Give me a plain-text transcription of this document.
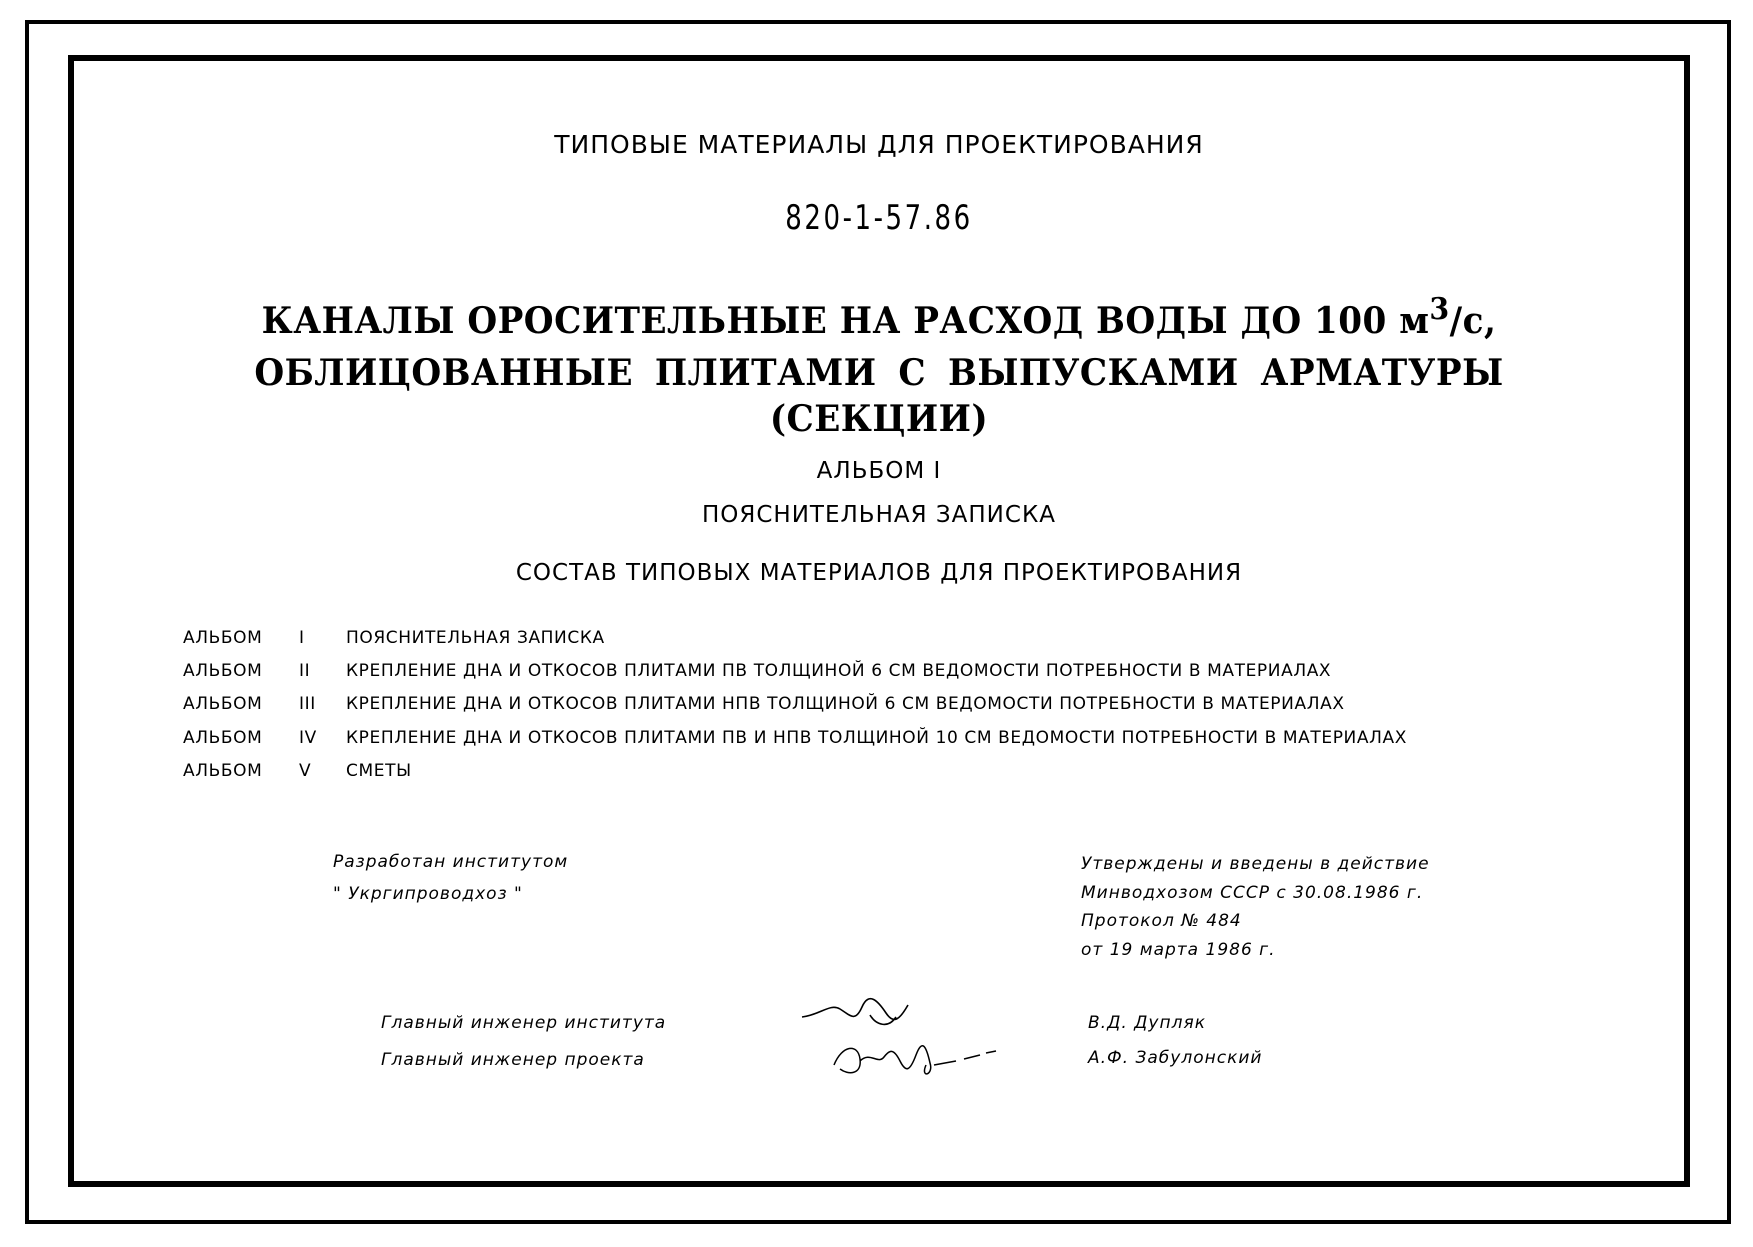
ТИПОВЫЕ МАТЕРИАЛЫ ДЛЯ ПРОЕКТИРОВАНИЯ
820-1-57.86
КАНАЛЫ ОРОСИТЕЛЬНЫЕ НА РАСХОД ВОДЫ ДО 100 $м^3/с$,
ОБЛИЦОВАННЫЕ ПЛИТАМИ С ВЫПУСКАМИ АРМАТУРЫ
(СЕКЦИИ)
АЛЬБОМ I
ПОЯСНИТЕЛЬНАЯ ЗАПИСКА
СОСТАВ ТИПОВЫХ МАТЕРИАЛОВ ДЛЯ ПРОЕКТИРОВАНИЯ
АЛЬБОМ	I	ПОЯСНИТЕЛЬНАЯ ЗАПИСКА
АЛЬБОМ	II	КРЕПЛЕНИЕ ДНА И ОТКОСОВ ПЛИТАМИ ПВ ТОЛЩИНОЙ 6 СМ ВЕДОМОСТИ ПОТРЕБНОСТИ В МАТЕРИАЛАХ
АЛЬБОМ	III	КРЕПЛЕНИЕ ДНА И ОТКОСОВ ПЛИТАМИ НПВ ТОЛЩИНОЙ 6 СМ ВЕДОМОСТИ ПОТРЕБНОСТИ В МАТЕРИАЛАХ
АЛЬБОМ	IV	КРЕПЛЕНИЕ ДНА И ОТКОСОВ ПЛИТАМИ ПВ И НПВ ТОЛЩИНОЙ 10 СМ ВЕДОМОСТИ ПОТРЕБНОСТИ В МАТЕРИАЛАХ
АЛЬБОМ	V	СМЕТЫ
Разработан институтом
" Укргипроводхоз "
Утверждены и введены в действие
Минводхозом СССР с 30.08.1986 г.
Протокол № 484
от 19 марта 1986 г.
Главный инженер института
Главный инженер проекта
В.Д. Дупляк
А.Ф. Забулонский
